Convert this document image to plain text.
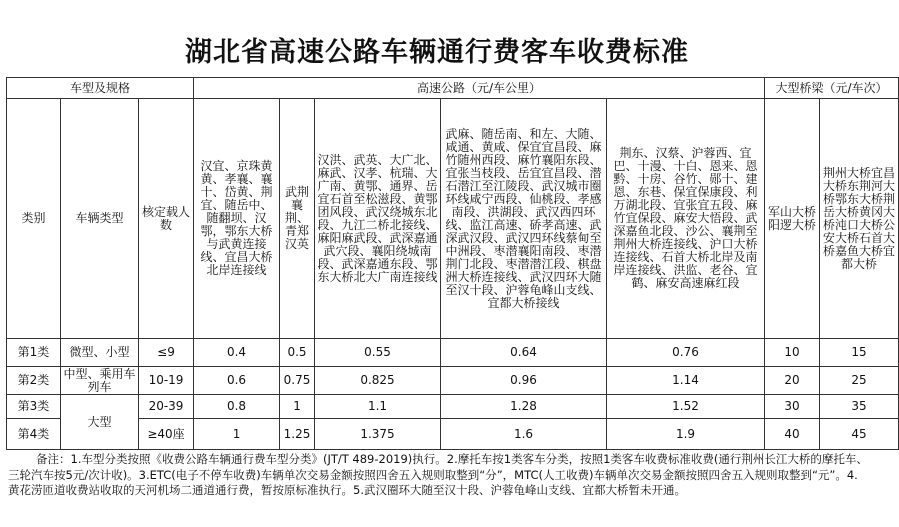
湖北省高速公路车辆通行费客车收费标准
车型及规格			高速公路（元/车公里）					大型桥梁（元/车次）	
类别	车辆类型	核定载人数	汉宜、京珠黄黄、孝襄、襄十、岱黄、荆宜、随岳中、随翻坝、汉鄂，鄂东大桥与武黄连接线、宜昌大桥北岸连接线	武荆襄荆、青郑汉英	汉洪、武英、大广北、麻武、汉孝、杭瑞、大广南、黄鄂、通界、岳宜石首至松滋段、黄鄂团风段、武汉绕城东北段、九江二桥北接线、麻阳麻武段、武深嘉通武穴段、襄阳绕城南段、武深嘉通东段、鄂东大桥北大广南连接线	武麻、随岳南、和左、大随、咸通、黄咸、保宜宜昌段、麻竹随州西段、麻竹襄阳东段、宜张当枝段、岳宜宜昌段、潜石潜江至江陵段、武汉城市圈环线咸宁西段、仙桃段、孝感南段、洪湖段、武汉西四环线、监江高速、硚孝高速、武深武汉段、武汉四环线蔡甸至中洲段、枣潜襄阳南段、枣潜荆门北段、枣潜潜江段、棋盘洲大桥连接线、武汉四环大随至汉十段、沪蓉龟峰山支线、宜都大桥接线	荆东、汉蔡、沪蓉西、宜巴、十漫、十白、恩来、恩黔、十房、谷竹、郧十、建恩、东巷、保宜保康段、利万湖北段、宜张宜五段、麻竹宜保段、麻安大悟段、武深嘉鱼北段、沙公、襄荆至荆州大桥连接线、沪口大桥连接线、石首大桥北岸及南岸连接线、洪监、老谷、宜鹤、麻安高速麻红段	军山大桥阳逻大桥	荆州大桥宜昌大桥东荆河大桥鄂东大桥荆岳大桥黄冈大桥沌口大桥公安大桥石首大桥嘉鱼大桥宜都大桥
第1类	微型、小型	≤9	0.4	0.5	0.55	0.64	0.76	10	15
第2类	中型、乘用车列车	10-19	0.6	0.75	0.825	0.96	1.14	20	25
第3类	大型	20-39	0.8	1	1.1	1.28	1.52	30	35
第4类		≥40座	1	1.25	1.375	1.6	1.9	40	45
备注：1.车型分类按照《收费公路车辆通行费车型分类》(JT/T 489-2019)执行。2.摩托车按1类客车分类，按照1类客车收费标准收费(通行荆州长江大桥的摩托车、三轮汽车按5元/次计收)。3.ETC(电子不停车收费)车辆单次交易金额按照四舍五入规则取整到“分”，MTC(人工收费)车辆单次交易金额按照四舍五入规则取整到“元”。4.黄花涝匝道收费站收取的天河机场二通道通行费，暂按原标准执行。5.武汉圈环大随至汉十段、沪蓉龟峰山支线、宜都大桥暂未开通。
